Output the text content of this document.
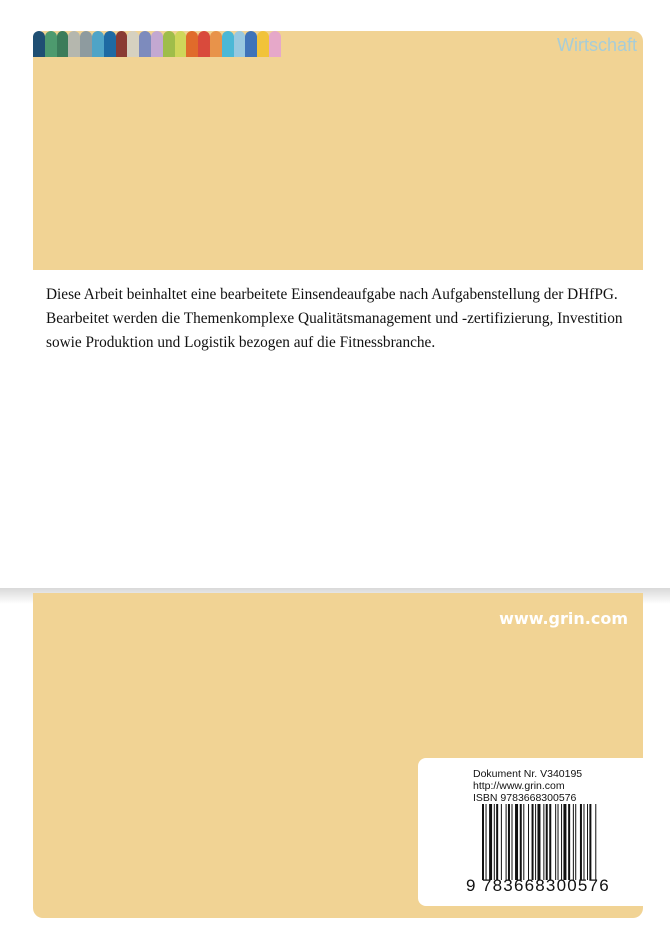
Wirtschaft
Diese Arbeit beinhaltet eine bearbeitete Einsendeaufgabe nach Aufgabenstellung der DHfPG. Bearbeitet werden die Themenkomplexe Qualitätsmanagement und -zertifizierung, Investition sowie Produktion und Logistik bezogen auf die Fitnessbranche.
www.grin.com
Dokument Nr. V340195
http://www.grin.com
ISBN 9783668300576
9 783668300576
